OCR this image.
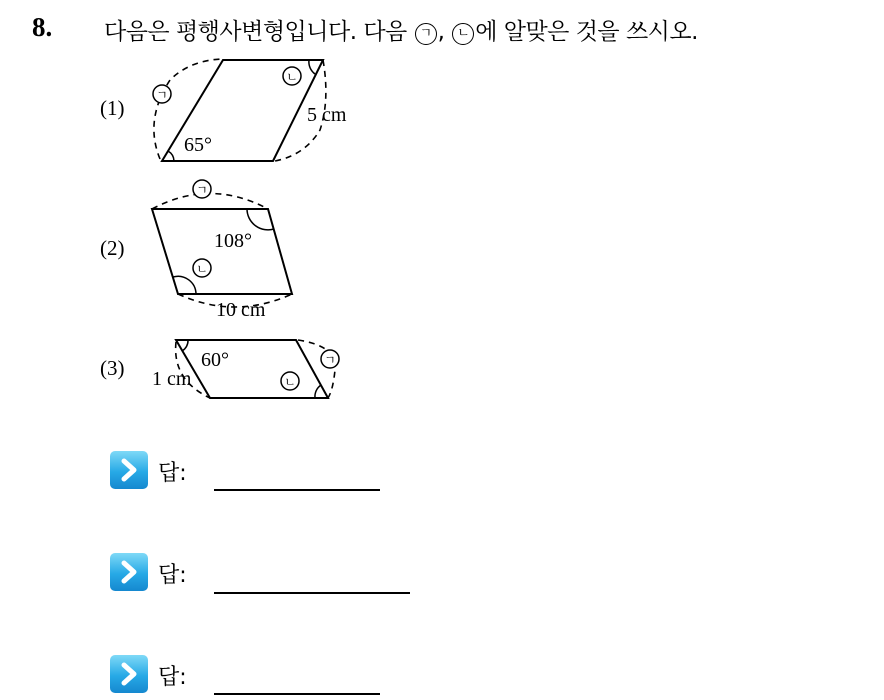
8. 다음은 평행사변형입니다. 다음 ㄱ , ㄴ 에 알맞은 것을 쓰시오.
(1)
ㄱ
ㄴ
65°
5 cm
(2)
ㄱ
ㄴ
108°
10 cm
(3)
ㄴ
ㄱ
60°
1 cm
답:
답:
답:
